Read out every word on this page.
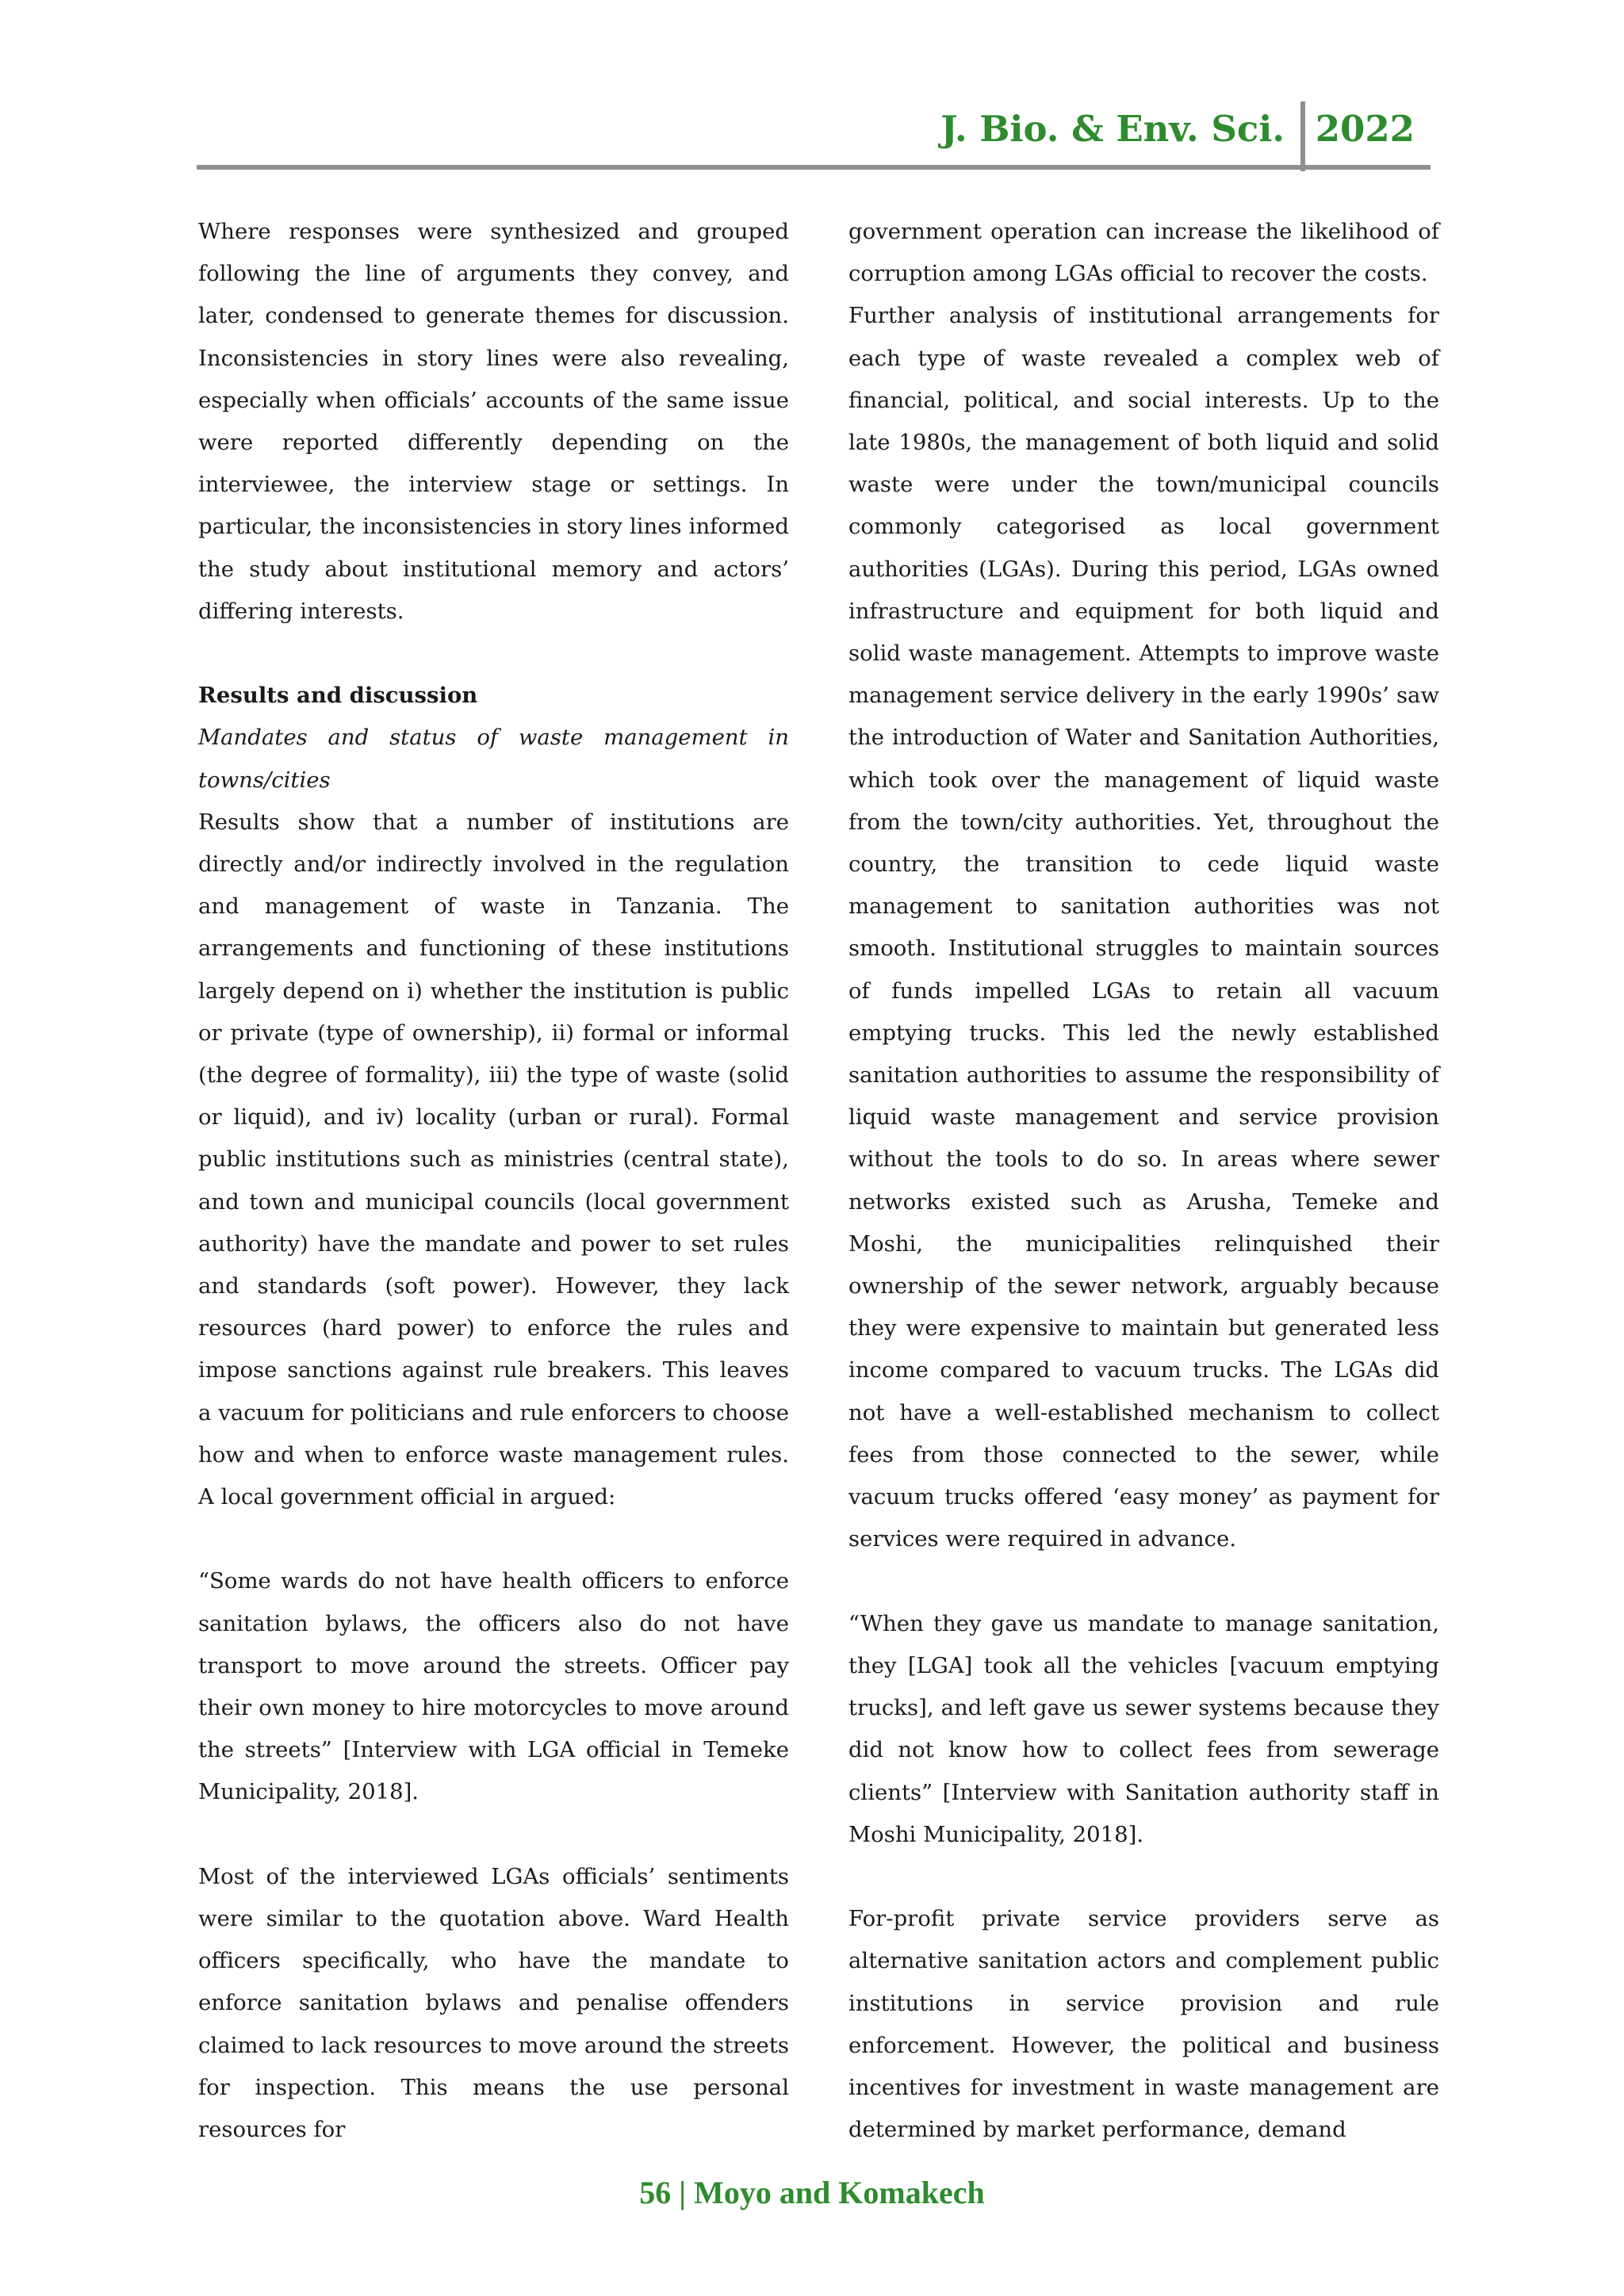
J. Bio. & Env. Sci. 2022

Where responses were synthesized and grouped following the line of arguments they convey, and later, condensed to generate themes for discussion. Inconsistencies in story lines were also revealing, especially when officials’ accounts of the same issue were reported differently depending on the interviewee, the interview stage or settings. In particular, the inconsistencies in story lines informed the study about institutional memory and actors’ differing interests.

Results and discussion

Mandates and status of waste management in towns/cities

Results show that a number of institutions are directly and/or indirectly involved in the regulation and management of waste in Tanzania. The arrangements and functioning of these institutions largely depend on i) whether the institution is public or private (type of ownership), ii) formal or informal (the degree of formality), iii) the type of waste (solid or liquid), and iv) locality (urban or rural). Formal public institutions such as ministries (central state), and town and municipal councils (local government authority) have the mandate and power to set rules and standards (soft power). However, they lack resources (hard power) to enforce the rules and impose sanctions against rule breakers. This leaves a vacuum for politicians and rule enforcers to choose how and when to enforce waste management rules. A local government official in argued:

“Some wards do not have health officers to enforce sanitation bylaws, the officers also do not have transport to move around the streets. Officer pay their own money to hire motorcycles to move around the streets” [Interview with LGA official in Temeke Municipality, 2018].

Most of the interviewed LGAs officials’ sentiments were similar to the quotation above. Ward Health officers specifically, who have the mandate to enforce sanitation bylaws and penalise offenders claimed to lack resources to move around the streets for inspection. This means the use personal resources for

government operation can increase the likelihood of corruption among LGAs official to recover the costs.

Further analysis of institutional arrangements for each type of waste revealed a complex web of financial, political, and social interests. Up to the late 1980s, the management of both liquid and solid waste were under the town/municipal councils commonly categorised as local government authorities (LGAs). During this period, LGAs owned infrastructure and equipment for both liquid and solid waste management. Attempts to improve waste management service delivery in the early 1990s’ saw the introduction of Water and Sanitation Authorities, which took over the management of liquid waste from the town/city authorities. Yet, throughout the country, the transition to cede liquid waste management to sanitation authorities was not smooth. Institutional struggles to maintain sources of funds impelled LGAs to retain all vacuum emptying trucks. This led the newly established sanitation authorities to assume the responsibility of liquid waste management and service provision without the tools to do so. In areas where sewer networks existed such as Arusha, Temeke and Moshi, the municipalities relinquished their ownership of the sewer network, arguably because they were expensive to maintain but generated less income compared to vacuum trucks. The LGAs did not have a well-established mechanism to collect fees from those connected to the sewer, while vacuum trucks offered ‘easy money’ as payment for services were required in advance.

“When they gave us mandate to manage sanitation, they [LGA] took all the vehicles [vacuum emptying trucks], and left gave us sewer systems because they did not know how to collect fees from sewerage clients” [Interview with Sanitation authority staff in Moshi Municipality, 2018].

For-profit private service providers serve as alternative sanitation actors and complement public institutions in service provision and rule enforcement. However, the political and business incentives for investment in waste management are determined by market performance, demand

56 | Moyo and Komakech
